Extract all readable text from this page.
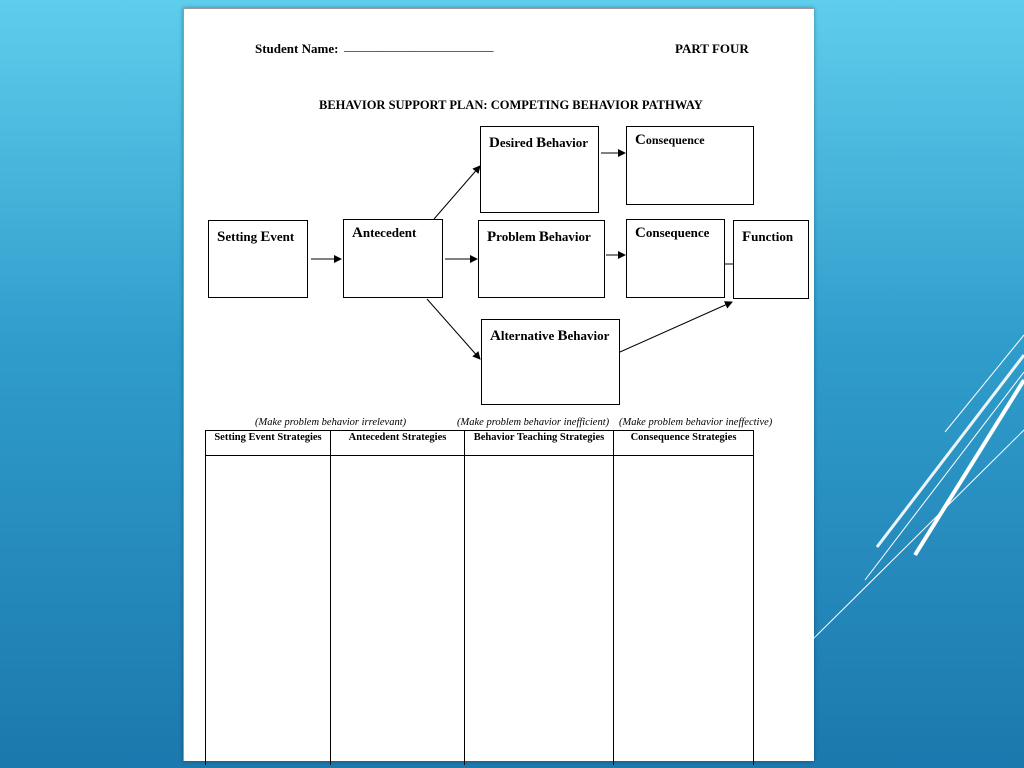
Student Name: _______________________	PART FOUR
BEHAVIOR SUPPORT PLAN: COMPETING BEHAVIOR PATHWAY
Setting Event	Antecedent
Desired Behavior	Consequence
Problem Behavior	Consequence Function
Alternative Behavior
(Make problem behavior irrelevant)	(Make problem behavior inefficient) (Make problem behavior ineffective)
Setting Event Strategies	Antecedent Strategies	Behavior Teaching Strategies	Consequence Strategies
